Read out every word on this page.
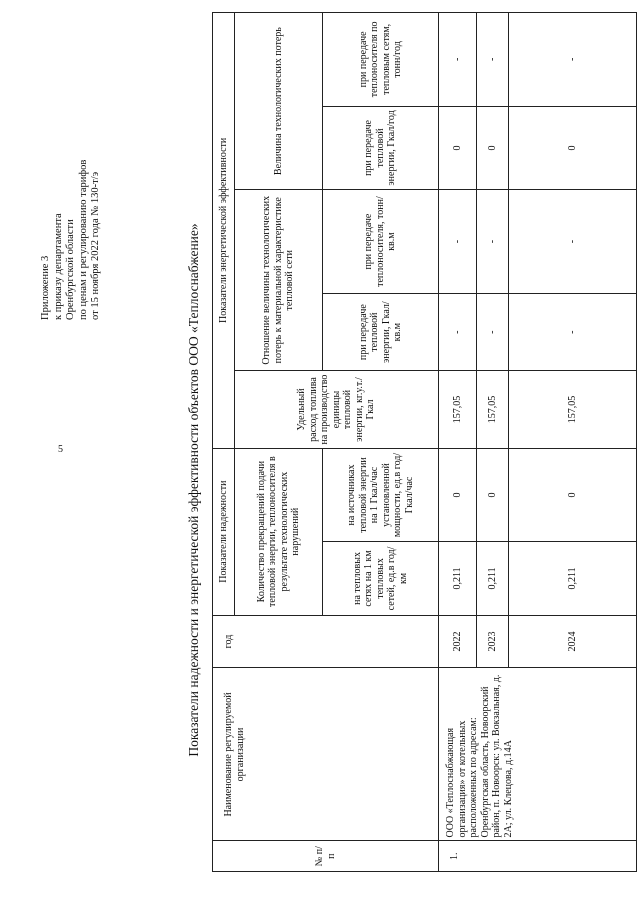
5
Приложение 3 к приказу департамента Оренбургской области по ценам и регулированию тарифов от 15 ноября 2022 года № 130-т/э	Показатели надежности и энергетической эффективности объектов ООО «Теплоснабжение»
№ п/ п	Наименование регулируемой организации	год	Показатели надежности		Показатели энергетической эффективности				
			Количество прекращений подачи тепловой энергии, теплоносителя в результате технологических нарушений		Удельный расход топлива на производство единицы тепловой энергии, кг.у.т./Гкал	Отношение величины технологических потерь к материальной характеристике тепловой сети		Величина технологических потерь	
			на тепловых сетях на 1 км тепловых сетей, ед.в год/км	на источниках тепловой энергии на 1 Гкал/час установленной мощности, ед.в год/Гкал/час		при передаче тепловой энергии, Гкал/кв.м	при передаче теплоносителя, тонн/кв.м	при передаче тепловой энергии, Гкал/год	при передаче теплоносителя по тепловым сетям, тонн/год
1.	ООО «Теплоснабжающая организация» от котельных расположенных по адресам: Оренбургская область, Новоорский район, п. Новоорск: ул. Вокзальная, д. 2А; ул. Клецова, д.14А	2022	0,211	0	157,05	-	-	0	-
		2023	0,211	0	157,05	-	-	0	-
		2024	0,211	0	157,05	-	-	0	-
